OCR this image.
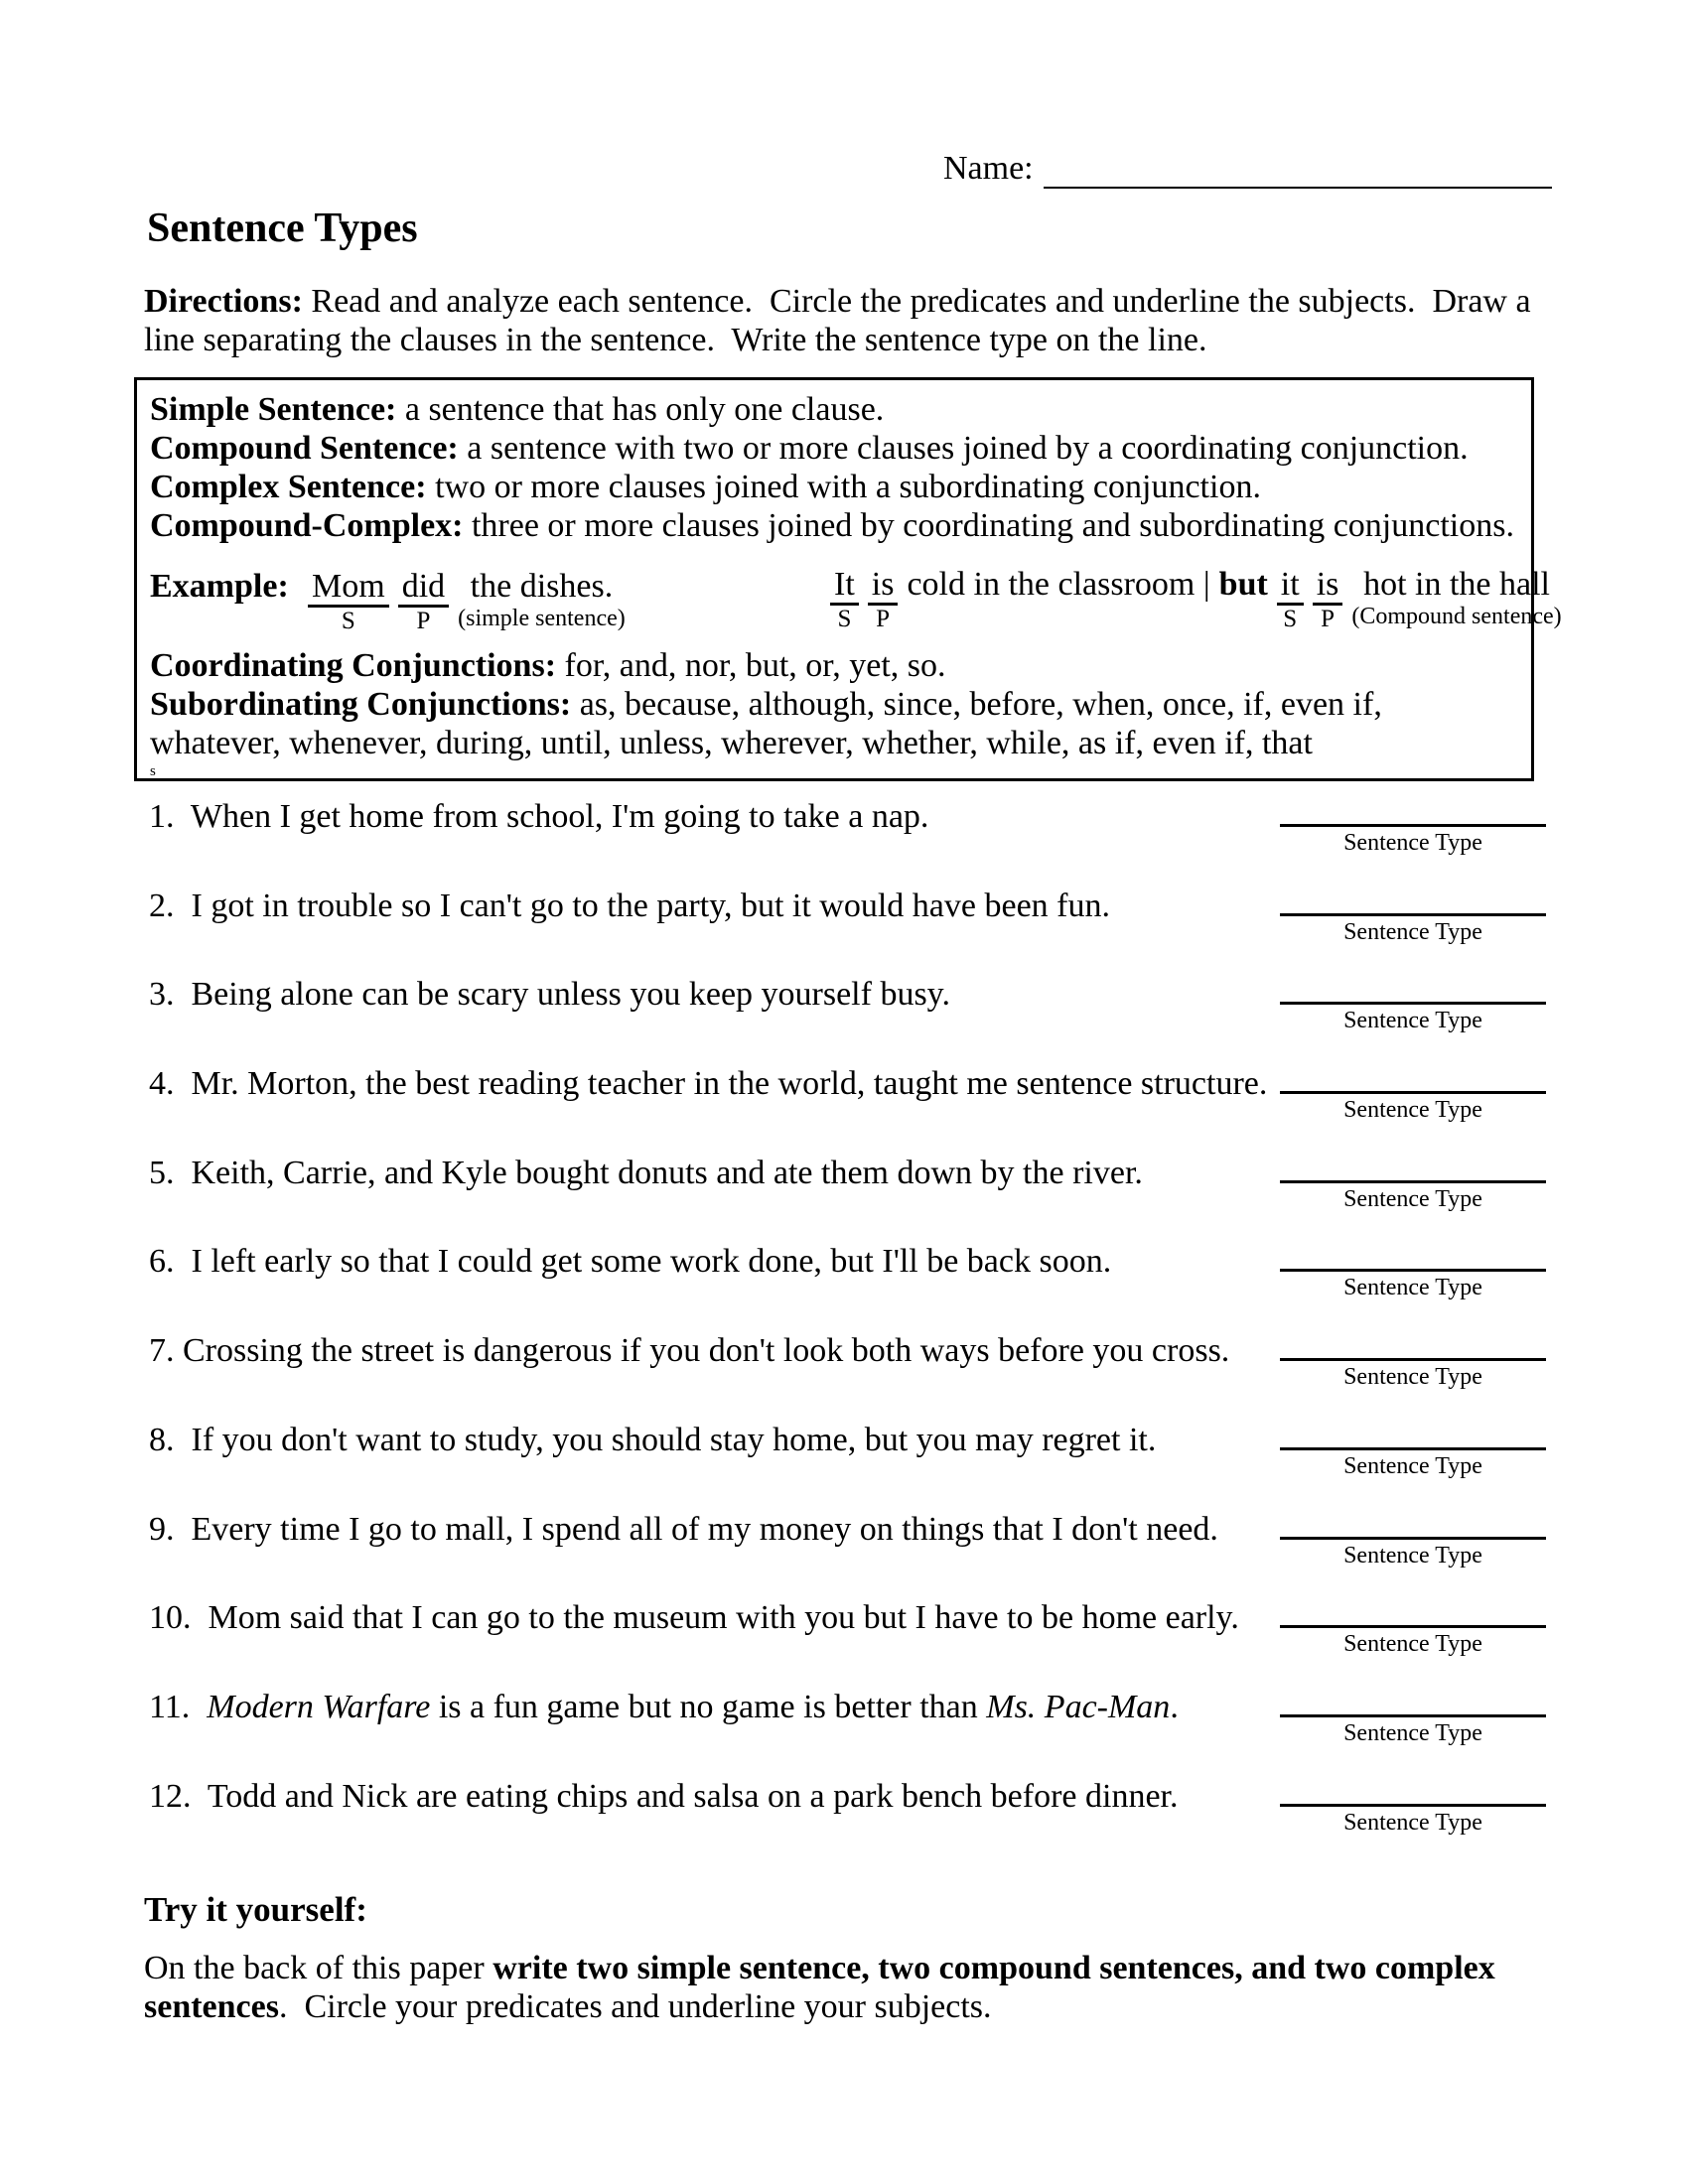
Name:
Sentence Types

Directions: Read and analyze each sentence.  Circle the predicates and underline the subjects.  Draw a line separating the clauses in the sentence.  Write the sentence type on the line.

Simple Sentence: a sentence that has only one clause.

Compound Sentence: a sentence with two or more clauses joined by a coordinating conjunction.

Complex Sentence: two or more clauses joined with a subordinating conjunction.

Compound-Complex: three or more clauses joined by coordinating and subordinating conjunctions.

Example: Mom
S
did
P
the dishes.
(simple sentence)
It
S
is
P
cold in the classroom | but it
S
is
P
hot in the hall
(Compound sentence)

Coordinating Conjunctions: for, and, nor, but, or, yet, so.

Subordinating Conjunctions: as, because, although, since, before, when, once, if, even if, whatever, whenever, during, until, unless, wherever, whether, while, as if, even if, that

s
1.  When I get home from school, I'm going to take a nap.
Sentence Type
2.  I got in trouble so I can't go to the party, but it would have been fun.
Sentence Type
3.  Being alone can be scary unless you keep yourself busy.
Sentence Type
4.  Mr. Morton, the best reading teacher in the world, taught me sentence structure.
Sentence Type
5.  Keith, Carrie, and Kyle bought donuts and ate them down by the river.
Sentence Type
6.  I left early so that I could get some work done, but I'll be back soon.
Sentence Type
7. Crossing the street is dangerous if you don't look both ways before you cross.
Sentence Type
8.  If you don't want to study, you should stay home, but you may regret it.
Sentence Type
9.  Every time I go to mall, I spend all of my money on things that I don't need.
Sentence Type
10.  Mom said that I can go to the museum with you but I have to be home early.
Sentence Type
11.  Modern Warfare is a fun game but no game is better than Ms. Pac-Man.
Sentence Type
12.  Todd and Nick are eating chips and salsa on a park bench before dinner.
Sentence Type
Try it yourself:

On the back of this paper write two simple sentence, two compound sentences, and two complex sentences.  Circle your predicates and underline your subjects.
